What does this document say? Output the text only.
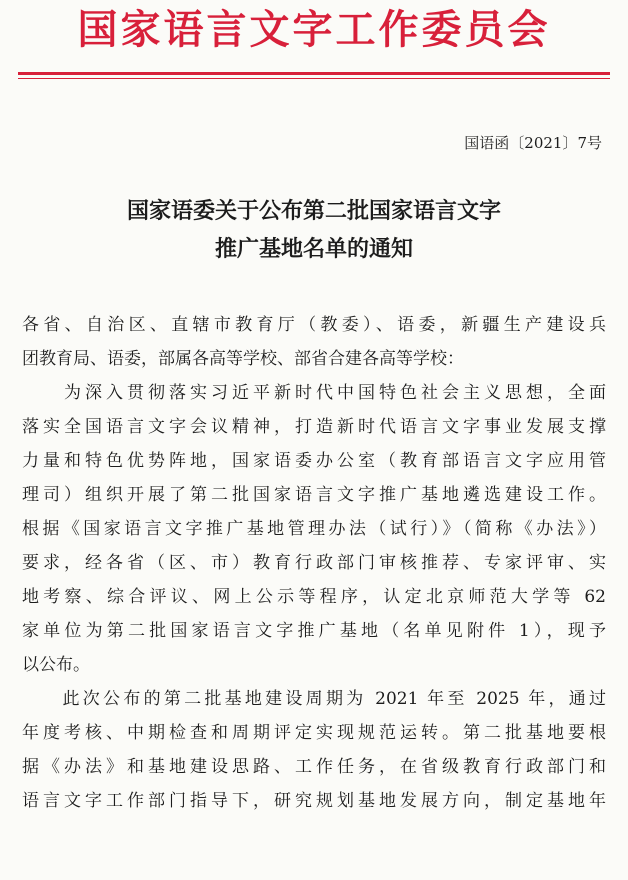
国家语言文字工作委员会
国语函〔2021〕7号
国家语委关于公布第二批国家语言文字
推广基地名单的通知
各省、自治区、直辖市教育厅（教委）、语委，新疆生产建设兵
团教育局、语委，部属各高等学校、部省合建各高等学校：
　　为深入贯彻落实习近平新时代中国特色社会主义思想，全面
落实全国语言文字会议精神，打造新时代语言文字事业发展支撑
力量和特色优势阵地，国家语委办公室（教育部语言文字应用管
理司）组织开展了第二批国家语言文字推广基地遴选建设工作。
根据《国家语言文字推广基地管理办法（试行）》（简称《办法》）
要求，经各省（区、市）教育行政部门审核推荐、专家评审、实
地考察、综合评议、网上公示等程序，认定北京师范大学等 62
家单位为第二批国家语言文字推广基地（名单见附件 1），现予
以公布。
　　此次公布的第二批基地建设周期为 2021 年至 2025 年，通过
年度考核、中期检查和周期评定实现规范运转。第二批基地要根
据《办法》和基地建设思路、工作任务，在省级教育行政部门和
语言文字工作部门指导下，研究规划基地发展方向，制定基地年
